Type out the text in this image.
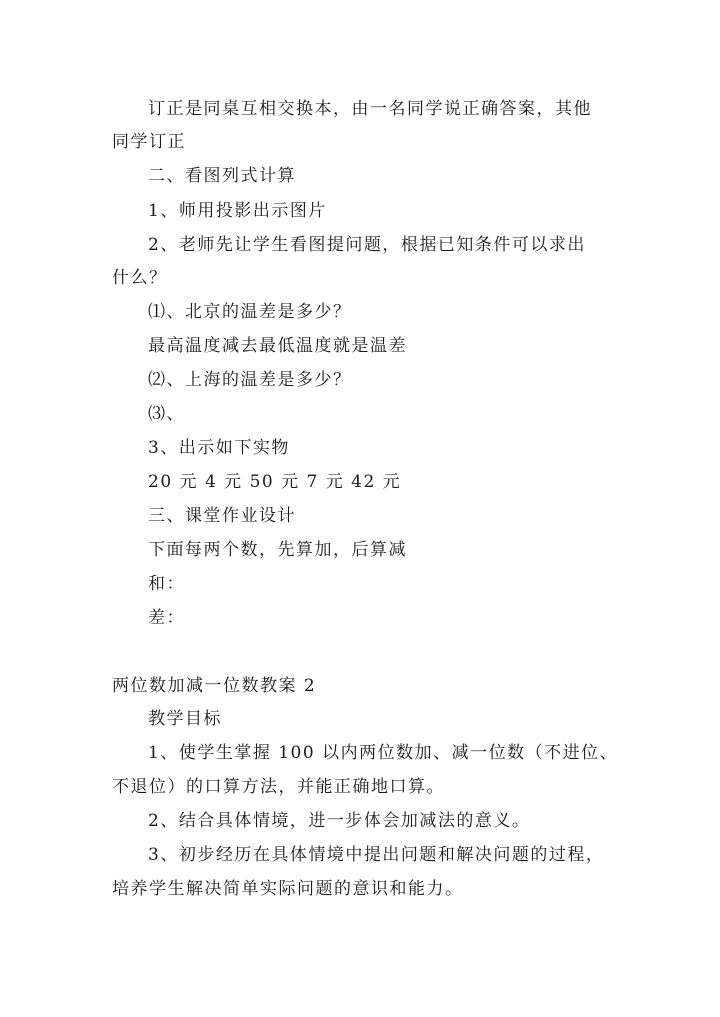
订正是同桌互相交换本，由一名同学说正确答案，其他
同学订正
二、看图列式计算
1、师用投影出示图片
2、老师先让学生看图提问题，根据已知条件可以求出
什么？
⑴、北京的温差是多少？
最高温度减去最低温度就是温差
⑵、上海的温差是多少？
⑶、
3、出示如下实物
20 元 4 元 50 元 7 元 42 元
三、课堂作业设计
下面每两个数，先算加，后算减
和：
差：
两位数加减一位数教案 2
教学目标
1、使学生掌握 100 以内两位数加、减一位数（不进位、
不退位）的口算方法，并能正确地口算。
2、结合具体情境，进一步体会加减法的意义。
3、初步经历在具体情境中提出问题和解决问题的过程，
培养学生解决简单实际问题的意识和能力。
